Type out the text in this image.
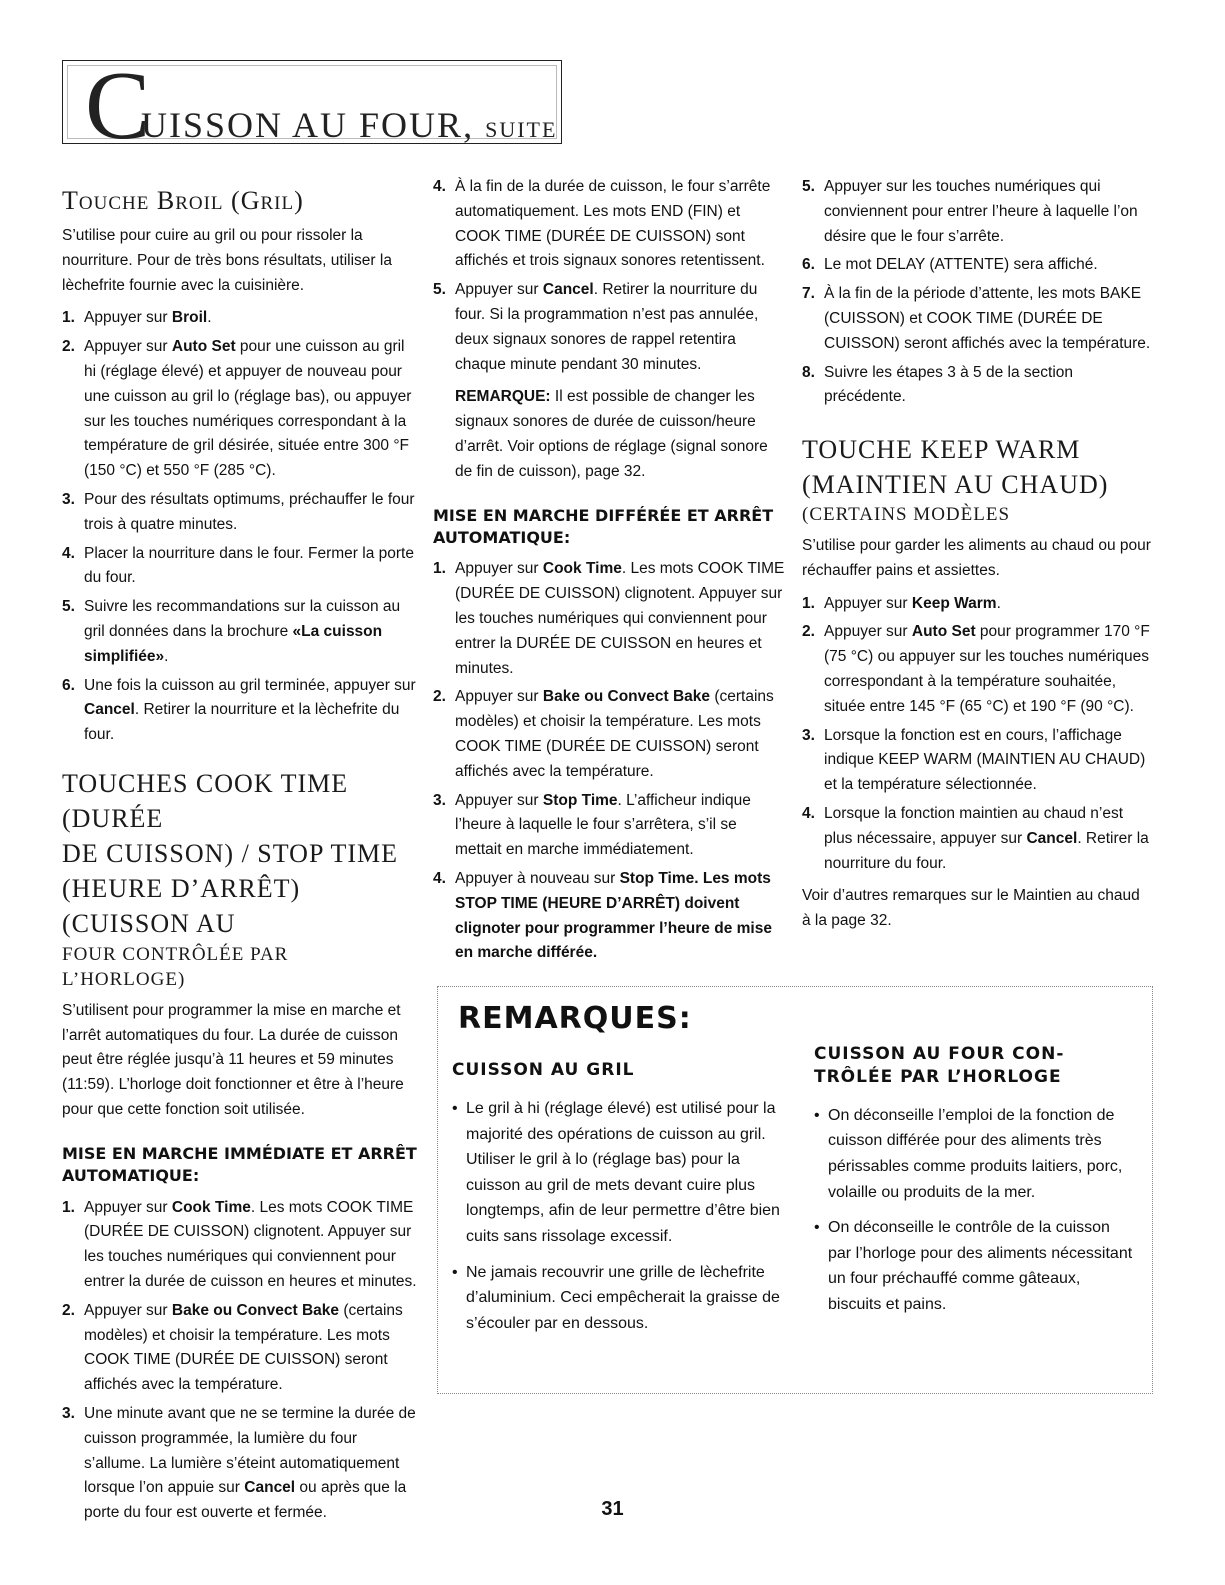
C
UISSON AU FOUR, SUITE
TOUCHE BROIL (GRIL)

S’utilise pour cuire au gril ou pour rissoler la nourriture. Pour de très bons résultats, utiliser la lèchefrite fournie avec la cuisinière.

1. Appuyer sur Broil.
2. Appuyer sur Auto Set pour une cuisson au gril hi (réglage élevé) et appuyer de nouveau pour une cuisson au gril lo (réglage bas), ou appuyer sur les touches numériques correspondant à la température de gril désirée, située entre 300 °F (150 °C) et 550 °F (285 °C).
3. Pour des résultats optimums, préchauffer le four trois à quatre minutes.
4. Placer la nourriture dans le four. Fermer la porte du four.
5. Suivre les recommandations sur la cuisson au gril données dans la brochure «La cuisson simplifiée».
6. Une fois la cuisson au gril terminée, appuyer sur Cancel. Retirer la nourriture et la lèchefrite du four.
TOUCHES COOK TIME (DURÉE
DE CUISSON) / STOP TIME
(HEURE D’ARRÊT) (CUISSON AU
FOUR CONTRÔLÉE PAR
L’HORLOGE)

S’utilisent pour programmer la mise en marche et l’arrêt automatiques du four. La durée de cuisson peut être réglée jusqu’à 11 heures et 59 minutes (11:59). L’horloge doit fonctionner et être à l’heure pour que cette fonction soit utilisée.

MISE EN MARCHE IMMÉDIATE ET ARRÊT AUTOMATIQUE:
1. Appuyer sur Cook Time. Les mots COOK TIME (DURÉE DE CUISSON) clignotent. Appuyer sur les touches numériques qui conviennent pour entrer la durée de cuisson en heures et minutes.
2. Appuyer sur Bake ou Convect Bake (certains modèles) et choisir la température. Les mots COOK TIME (DURÉE DE CUISSON) seront affichés avec la température.
3. Une minute avant que ne se termine la durée de cuisson programmée, la lumière du four s’allume. La lumière s’éteint automatiquement lorsque l’on appuie sur Cancel ou après que la porte du four est ouverte et fermée.
4. À la fin de la durée de cuisson, le four s’arrête automatiquement. Les mots END (FIN) et COOK TIME (DURÉE DE CUISSON) sont affichés et trois signaux sonores retentissent.
5. Appuyer sur Cancel. Retirer la nourriture du four. Si la programmation n’est pas annulée, deux signaux sonores de rappel retentira chaque minute pendant 30 minutes.

REMARQUE: Il est possible de changer les signaux sonores de durée de cuisson/heure d’arrêt. Voir options de réglage (signal sonore de fin de cuisson), page 32.

MISE EN MARCHE DIFFÉRÉE ET ARRÊT AUTOMATIQUE:
1. Appuyer sur Cook Time. Les mots COOK TIME (DURÉE DE CUISSON) clignotent. Appuyer sur les touches numériques qui conviennent pour entrer la DURÉE DE CUISSON en heures et minutes.
2. Appuyer sur Bake ou Convect Bake (certains modèles) et choisir la température. Les mots COOK TIME (DURÉE DE CUISSON) seront affichés avec la température.
3. Appuyer sur Stop Time. L’afficheur indique l’heure à laquelle le four s’arrêtera, s’il se mettait en marche immédiatement.
4. Appuyer à nouveau sur Stop Time. Les mots STOP TIME (HEURE D’ARRÊT) doivent clignoter pour programmer l’heure de mise en marche différée.
5. Appuyer sur les touches numériques qui conviennent pour entrer l’heure à laquelle l’on désire que le four s’arrête.
6. Le mot DELAY (ATTENTE) sera affiché.
7. À la fin de la période d’attente, les mots BAKE (CUISSON) et COOK TIME (DURÉE DE CUISSON) seront affichés avec la température.
8. Suivre les étapes 3 à 5 de la section précédente.
TOUCHE KEEP WARM
(MAINTIEN AU CHAUD)
(CERTAINS MODÈLES

S’utilise pour garder les aliments au chaud ou pour réchauffer pains et assiettes.

1. Appuyer sur Keep Warm.
2. Appuyer sur Auto Set pour programmer 170 °F (75 °C) ou appuyer sur les touches numériques correspondant à la température souhaitée, située entre 145 °F (65 °C) et 190 °F (90 °C).
3. Lorsque la fonction est en cours, l’affichage indique KEEP WARM (MAINTIEN AU CHAUD) et la température sélectionnée.
4. Lorsque la fonction maintien au chaud n’est plus nécessaire, appuyer sur Cancel. Retirer la nourriture du four.

Voir d’autres remarques sur le Maintien au chaud à la page 32.

REMARQUES:
CUISSON AU GRIL
• Le gril à hi (réglage élevé) est utilisé pour la majorité des opérations de cuisson au gril. Utiliser le gril à lo (réglage bas) pour la cuisson au gril de mets devant cuire plus longtemps, afin de leur permettre d’être bien cuits sans rissolage excessif.
• Ne jamais recouvrir une grille de lèchefrite d’aluminium. Ceci empêcherait la graisse de s’écouler par en dessous.
CUISSON AU FOUR CON-TRÔLÉE PAR L’HORLOGE
• On déconseille l’emploi de la fonction de cuisson différée pour des aliments très périssables comme produits laitiers, porc, volaille ou produits de la mer.
• On déconseille le contrôle de la cuisson par l’horloge pour des aliments nécessitant un four préchauffé comme gâteaux, biscuits et pains.
31
